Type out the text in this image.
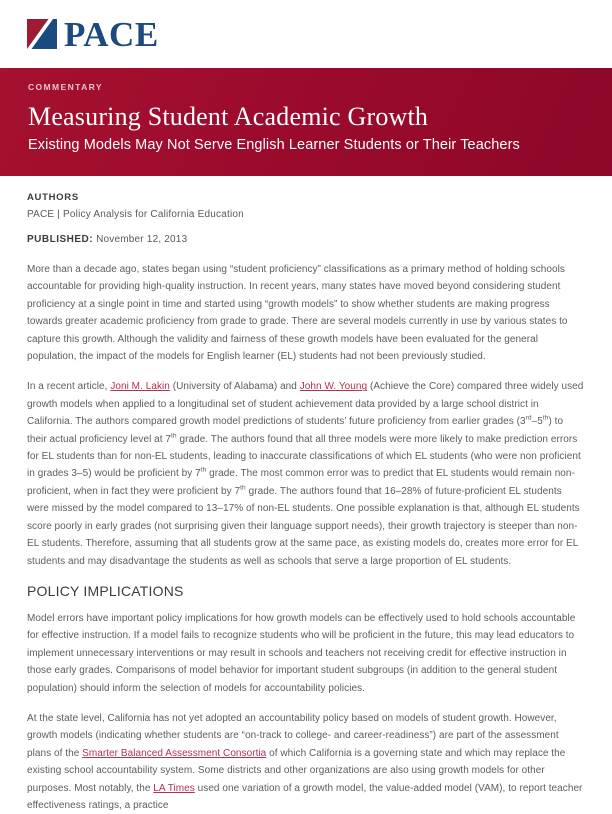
PACE
COMMENTARY
Measuring Student Academic Growth
Existing Models May Not Serve English Learner Students or Their Teachers
AUTHORS
PACE | Policy Analysis for California Education
PUBLISHED: November 12, 2013

More than a decade ago, states began using “student proficiency” classifications as a primary method of holding schools accountable for providing high-quality instruction. In recent years, many states have moved beyond considering student proficiency at a single point in time and started using “growth models” to show whether students are making progress towards greater academic proficiency from grade to grade. There are several models currently in use by various states to capture this growth. Although the validity and fairness of these growth models have been evaluated for the general population, the impact of the models for English learner (EL) students had not been previously studied.

In a recent article, Joni M. Lakin (University of Alabama) and John W. Young (Achieve the Core) compared three widely used growth models when applied to a longitudinal set of student achievement data provided by a large school district in California. The authors compared growth model predictions of students’ future proficiency from earlier grades (3rd–5th) to their actual proficiency level at 7th grade. The authors found that all three models were more likely to make prediction errors for EL students than for non-EL students, leading to inaccurate classifications of which EL students (who were non proficient in grades 3–5) would be proficient by 7th grade. The most common error was to predict that EL students would remain non-proficient, when in fact they were proficient by 7th grade. The authors found that 16–28% of future-proficient EL students were missed by the model compared to 13–17% of non-EL students. One possible explanation is that, although EL students score poorly in early grades (not surprising given their language support needs), their growth trajectory is steeper than non-EL students. Therefore, assuming that all students grow at the same pace, as existing models do, creates more error for EL students and may disadvantage the students as well as schools that serve a large proportion of EL students.

POLICY IMPLICATIONS

Model errors have important policy implications for how growth models can be effectively used to hold schools accountable for effective instruction. If a model fails to recognize students who will be proficient in the future, this may lead educators to implement unnecessary interventions or may result in schools and teachers not receiving credit for effective instruction in those early grades. Comparisons of model behavior for important student subgroups (in addition to the general student population) should inform the selection of models for accountability policies.

At the state level, California has not yet adopted an accountability policy based on models of student growth. However, growth models (indicating whether students are “on-track to college- and career-readiness”) are part of the assessment plans of the Smarter Balanced Assessment Consortia of which California is a governing state and which may replace the existing school accountability system. Some districts and other organizations are also using growth models for other purposes. Most notably, the LA Times used one variation of a growth model, the value-added model (VAM), to report teacher effectiveness ratings, a practice
